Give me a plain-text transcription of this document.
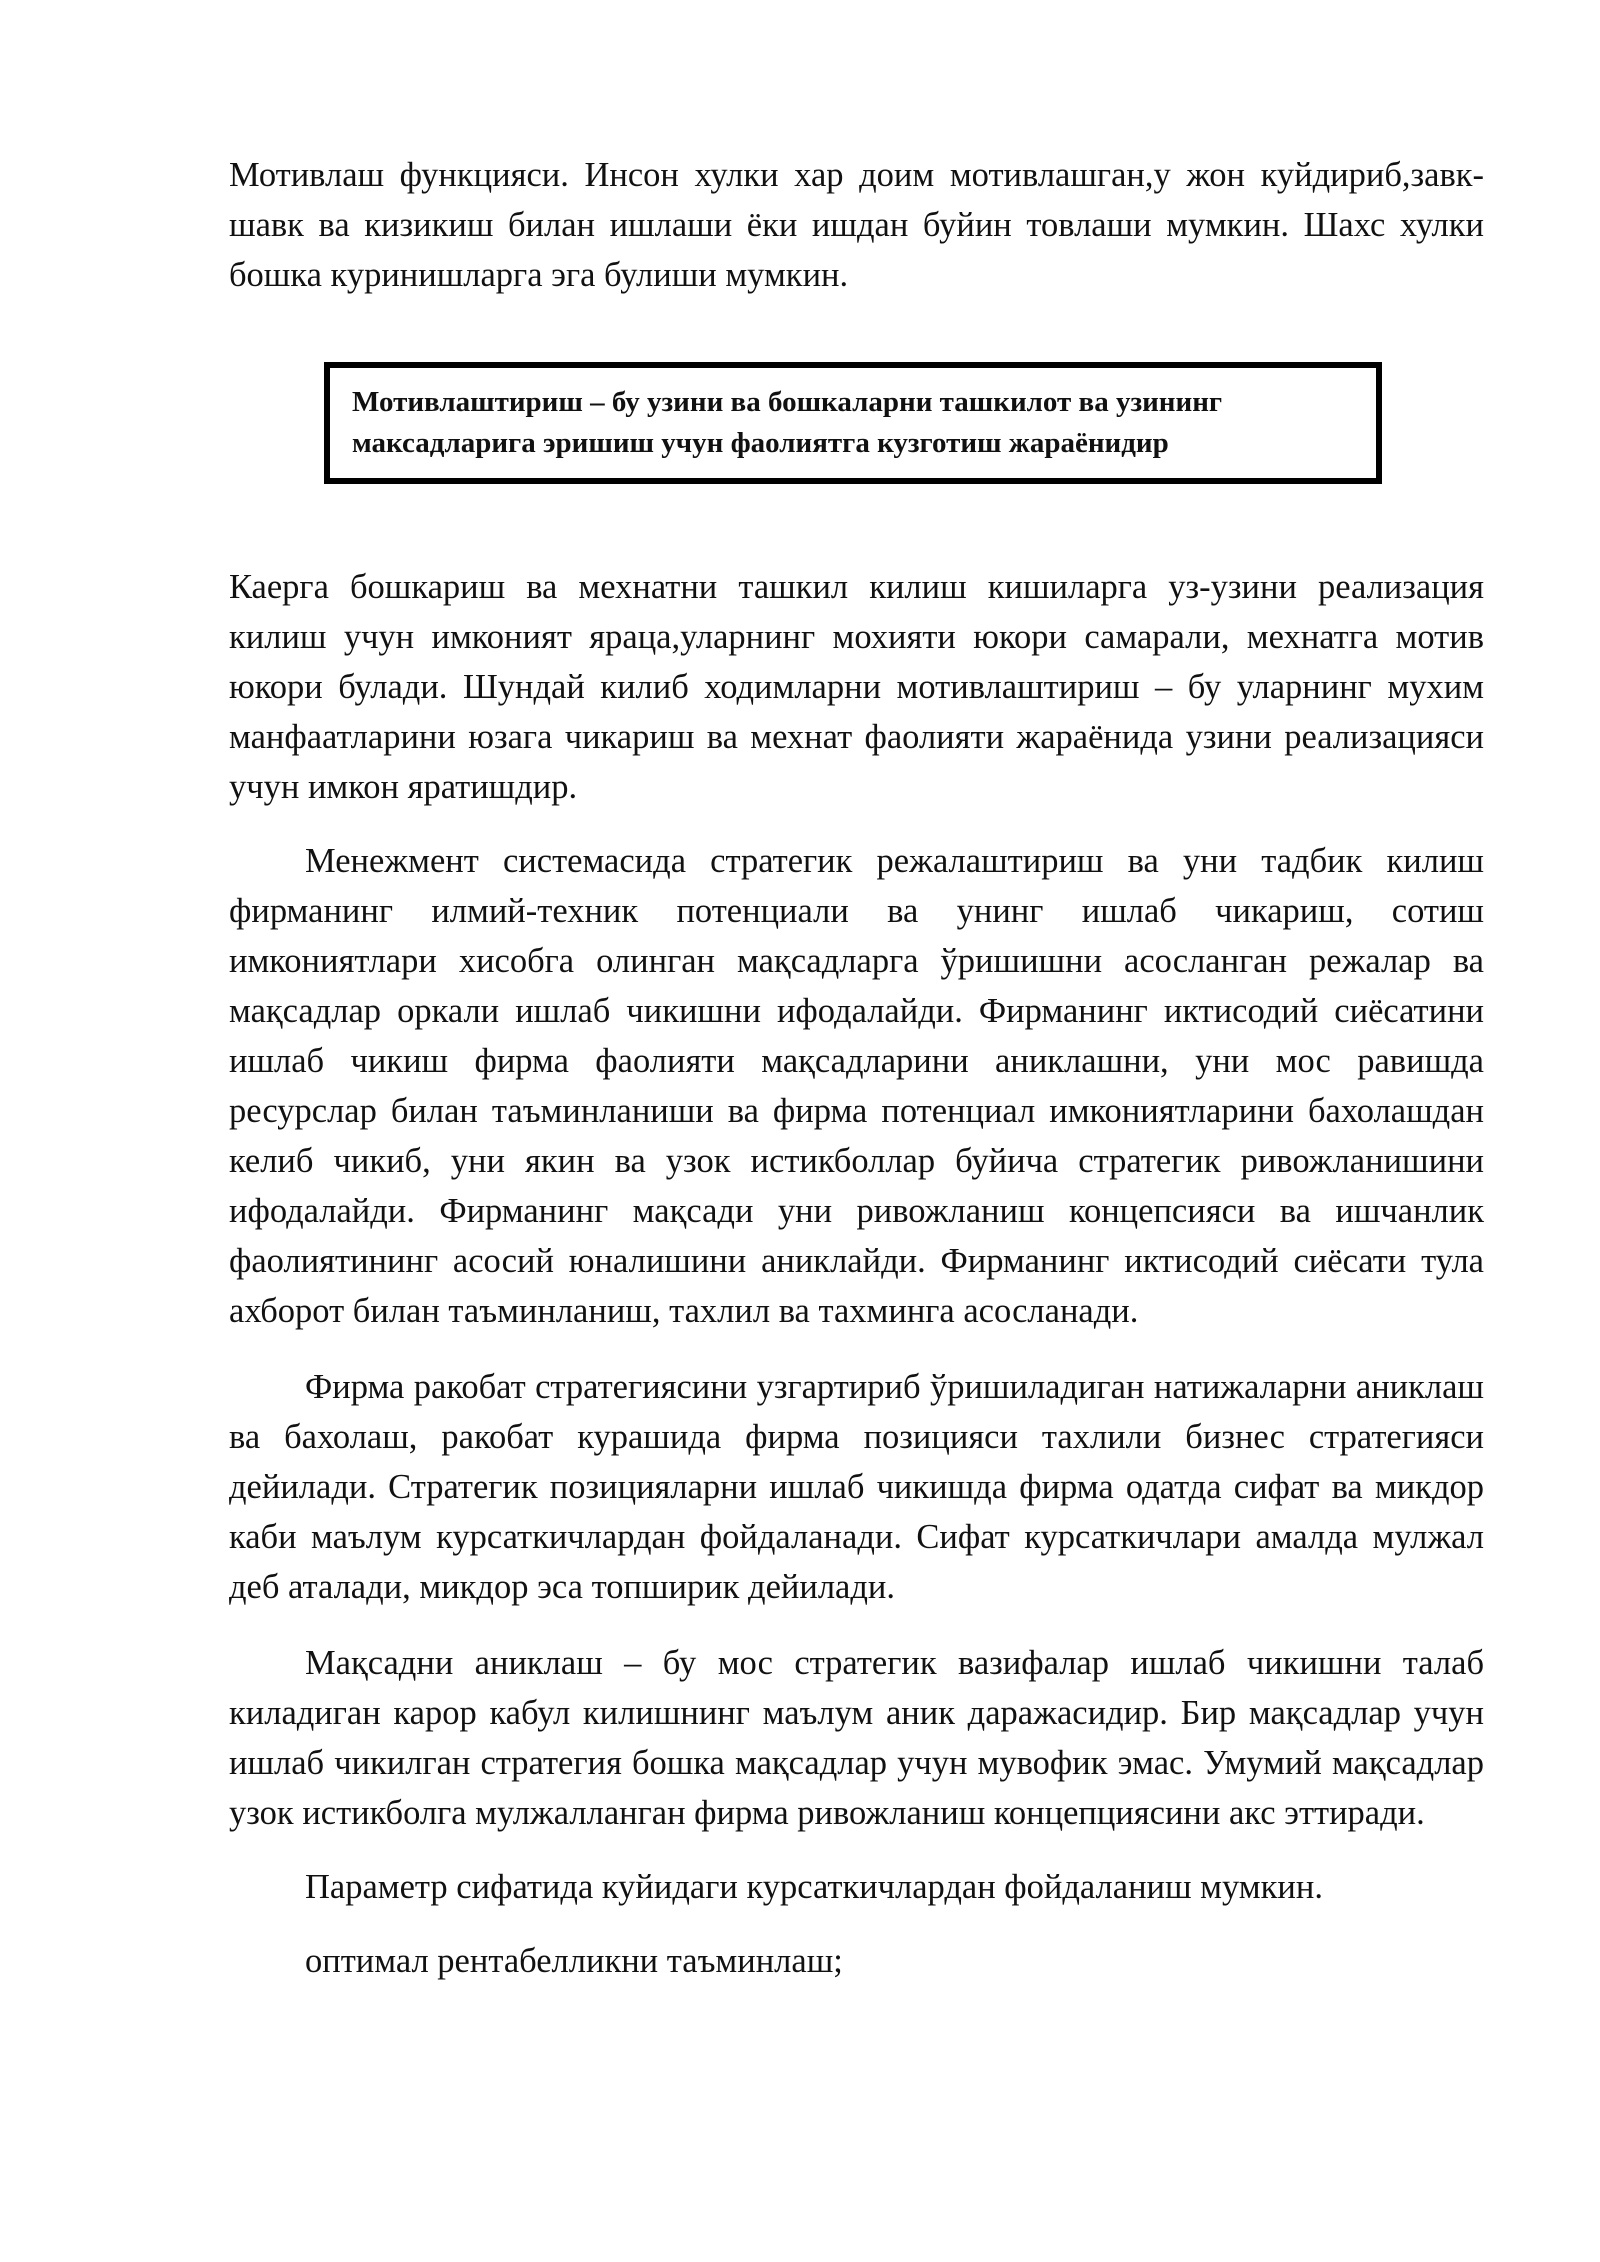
Мотивлаш функцияси. Инсон хулки хар доим мотивлашган,у жон куйдириб,завк-шавк ва кизикиш билан ишлаши ёки ишдан буйин товлаши мумкин. Шахс хулки бошка куринишларга эга булиши мумкин.

Мотивлаштириш – бу узини ва бошкаларни ташкилот ва узининг максадларига эришиш учун фаолиятга кузготиш жараёнидир

Каерга бошкариш ва мехнатни ташкил килиш кишиларга уз-узини реализация килиш учун имконият яраца,уларнинг мохияти юкори самарали, мехнатга мотив юкори булади. Шундай килиб ходимларни мотивлаштириш – бу уларнинг мухим манфаатларини юзага чикариш ва мехнат фаолияти жараёнида узини реализацияси учун имкон яратишдир.

Менежмент системасида стратегик режалаштириш ва уни тадбик килиш фирманинг илмий-техник потенциали ва унинг ишлаб чикариш, сотиш имкониятлари хисобга олинган мақсадларга ўришишни асосланган режалар ва мақсадлар оркали ишлаб чикишни ифодалайди. Фирманинг иктисодий сиёсатини ишлаб чикиш фирма фаолияти мақсадларини аниклашни, уни мос равишда ресурслар билан таъминланиши ва фирма потенциал имкониятларини бахолашдан келиб чикиб, уни якин ва узок истикболлар буйича стратегик ривожланишини ифодалайди. Фирманинг мақсади уни ривожланиш концепсияси ва ишчанлик фаолиятининг асосий юналишини аниклайди. Фирманинг иктисодий сиёсати тула ахборот билан таъминланиш, тахлил ва тахминга асосланади.

Фирма ракобат стратегиясини узгартириб ўришиладиган натижаларни аниклаш ва бахолаш, ракобат курашида фирма позицияси тахлили бизнес стратегияси дейилади. Стратегик позицияларни ишлаб чикишда фирма одатда сифат ва микдор каби маълум курсаткичлардан фойдаланади. Сифат курсаткичлари амалда мулжал деб аталади, микдор эса топширик дейилади.

Мақсадни аниклаш – бу мос стратегик вазифалар ишлаб чикишни талаб киладиган карор кабул килишнинг маълум аник даражасидир. Бир мақсадлар учун ишлаб чикилган стратегия бошка мақсадлар учун мувофик эмас. Умумий мақсадлар узок истикболга мулжалланган фирма ривожланиш концепциясини акс эттиради.

Параметр сифатида куйидаги курсаткичлардан фойдаланиш мумкин.

оптимал рентабелликни таъминлаш;
